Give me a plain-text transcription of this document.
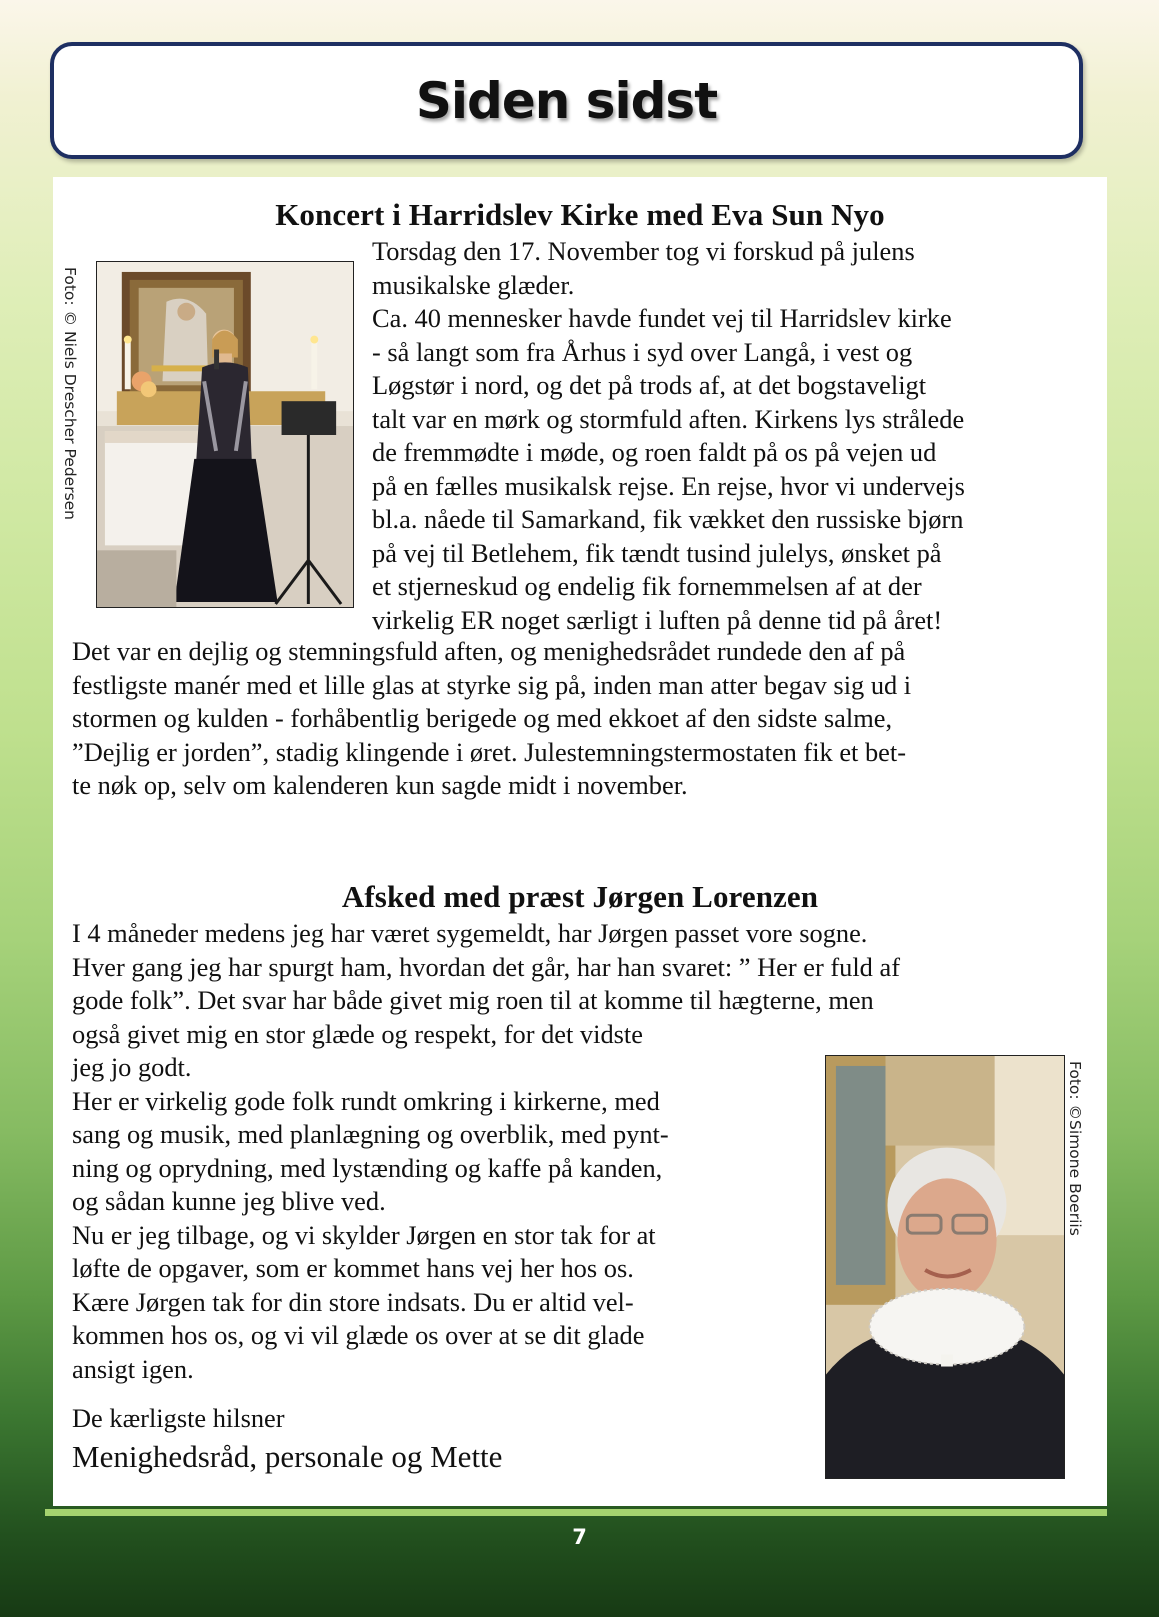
Siden sidst
Koncert i Harridslev Kirke med Eva Sun Nyo
Foto: © Niels Drescher Pedersen
Torsdag den 17. November tog vi forskud på julens
musikalske glæder.
Ca. 40 mennesker havde fundet vej til Harridslev kirke
- så langt som fra Århus i syd over Langå, i vest og
Løgstør i nord, og det på trods af, at det bogstaveligt
talt var en mørk og stormfuld aften. Kirkens lys strålede
de fremmødte i møde, og roen faldt på os på vejen ud
på en fælles musikalsk rejse. En rejse, hvor vi undervejs
bl.a. nåede til Samarkand, fik vækket den russiske bjørn
på vej til Betlehem, fik tændt tusind julelys, ønsket på
et stjerneskud og endelig fik fornemmelsen af at der
virkelig ER noget særligt i luften på denne tid på året!
Det var en dejlig og stemningsfuld aften, og menighedsrådet rundede den af på
festligste manér med et lille glas at styrke sig på, inden man atter begav sig ud i
stormen og kulden - forhåbentlig berigede og med ekkoet af den sidste salme,
”Dejlig er jorden”, stadig klingende i øret. Julestemningstermostaten fik et bet-
te nøk op, selv om kalenderen kun sagde midt i november.
Afsked med præst Jørgen Lorenzen
I 4 måneder medens jeg har været sygemeldt, har Jørgen passet vore sogne.
Hver gang jeg har spurgt ham, hvordan det går, har han svaret: ” Her er fuld af
gode folk”. Det svar har både givet mig roen til at komme til hægterne, men
også givet mig en stor glæde og respekt, for det vidste
jeg jo godt.
Her er virkelig gode folk rundt omkring i kirkerne, med
sang og musik, med planlægning og overblik, med pynt-
ning og oprydning, med lystænding og kaffe på kanden,
og sådan kunne jeg blive ved.
Nu er jeg tilbage, og vi skylder Jørgen en stor tak for at
løfte de opgaver, som er kommet hans vej her hos os.
Kære Jørgen tak for din store indsats. Du er altid vel-
kommen hos os, og vi vil glæde os over at se dit glade
ansigt igen.
De kærligste hilsner
Menighedsråd, personale og Mette
Foto: ©Simone Boeriis
7
